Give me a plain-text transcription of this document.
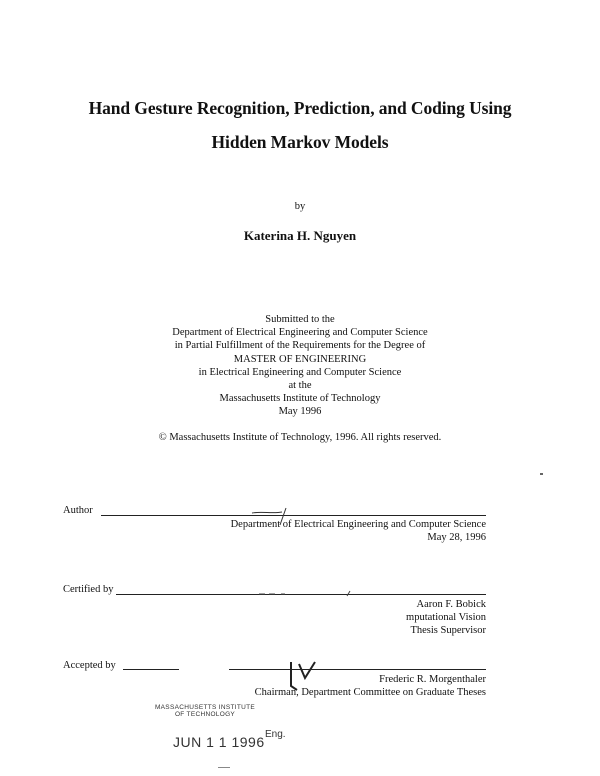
Hand Gesture Recognition, Prediction, and Coding Using
Hidden Markov Models
by
Katerina H. Nguyen
Submitted to the
Department of Electrical Engineering and Computer Science
in Partial Fulfillment of the Requirements for the Degree of
MASTER OF ENGINEERING
in Electrical Engineering and Computer Science
at the
Massachusetts Institute of Technology
May 1996
© Massachusetts Institute of Technology, 1996. All rights reserved.
Author
Department of Electrical Engineering and Computer Science
May 28, 1996
Certified by
Aaron F. Bobick
mputational Vision
Thesis Supervisor
Accepted by
Frederic R. Morgenthaler
Chairman, Department Committee on Graduate Theses
MASSACHUSETTS INSTITUTE
OF TECHNOLOGY
JUN 1 1 1996 Eng.
